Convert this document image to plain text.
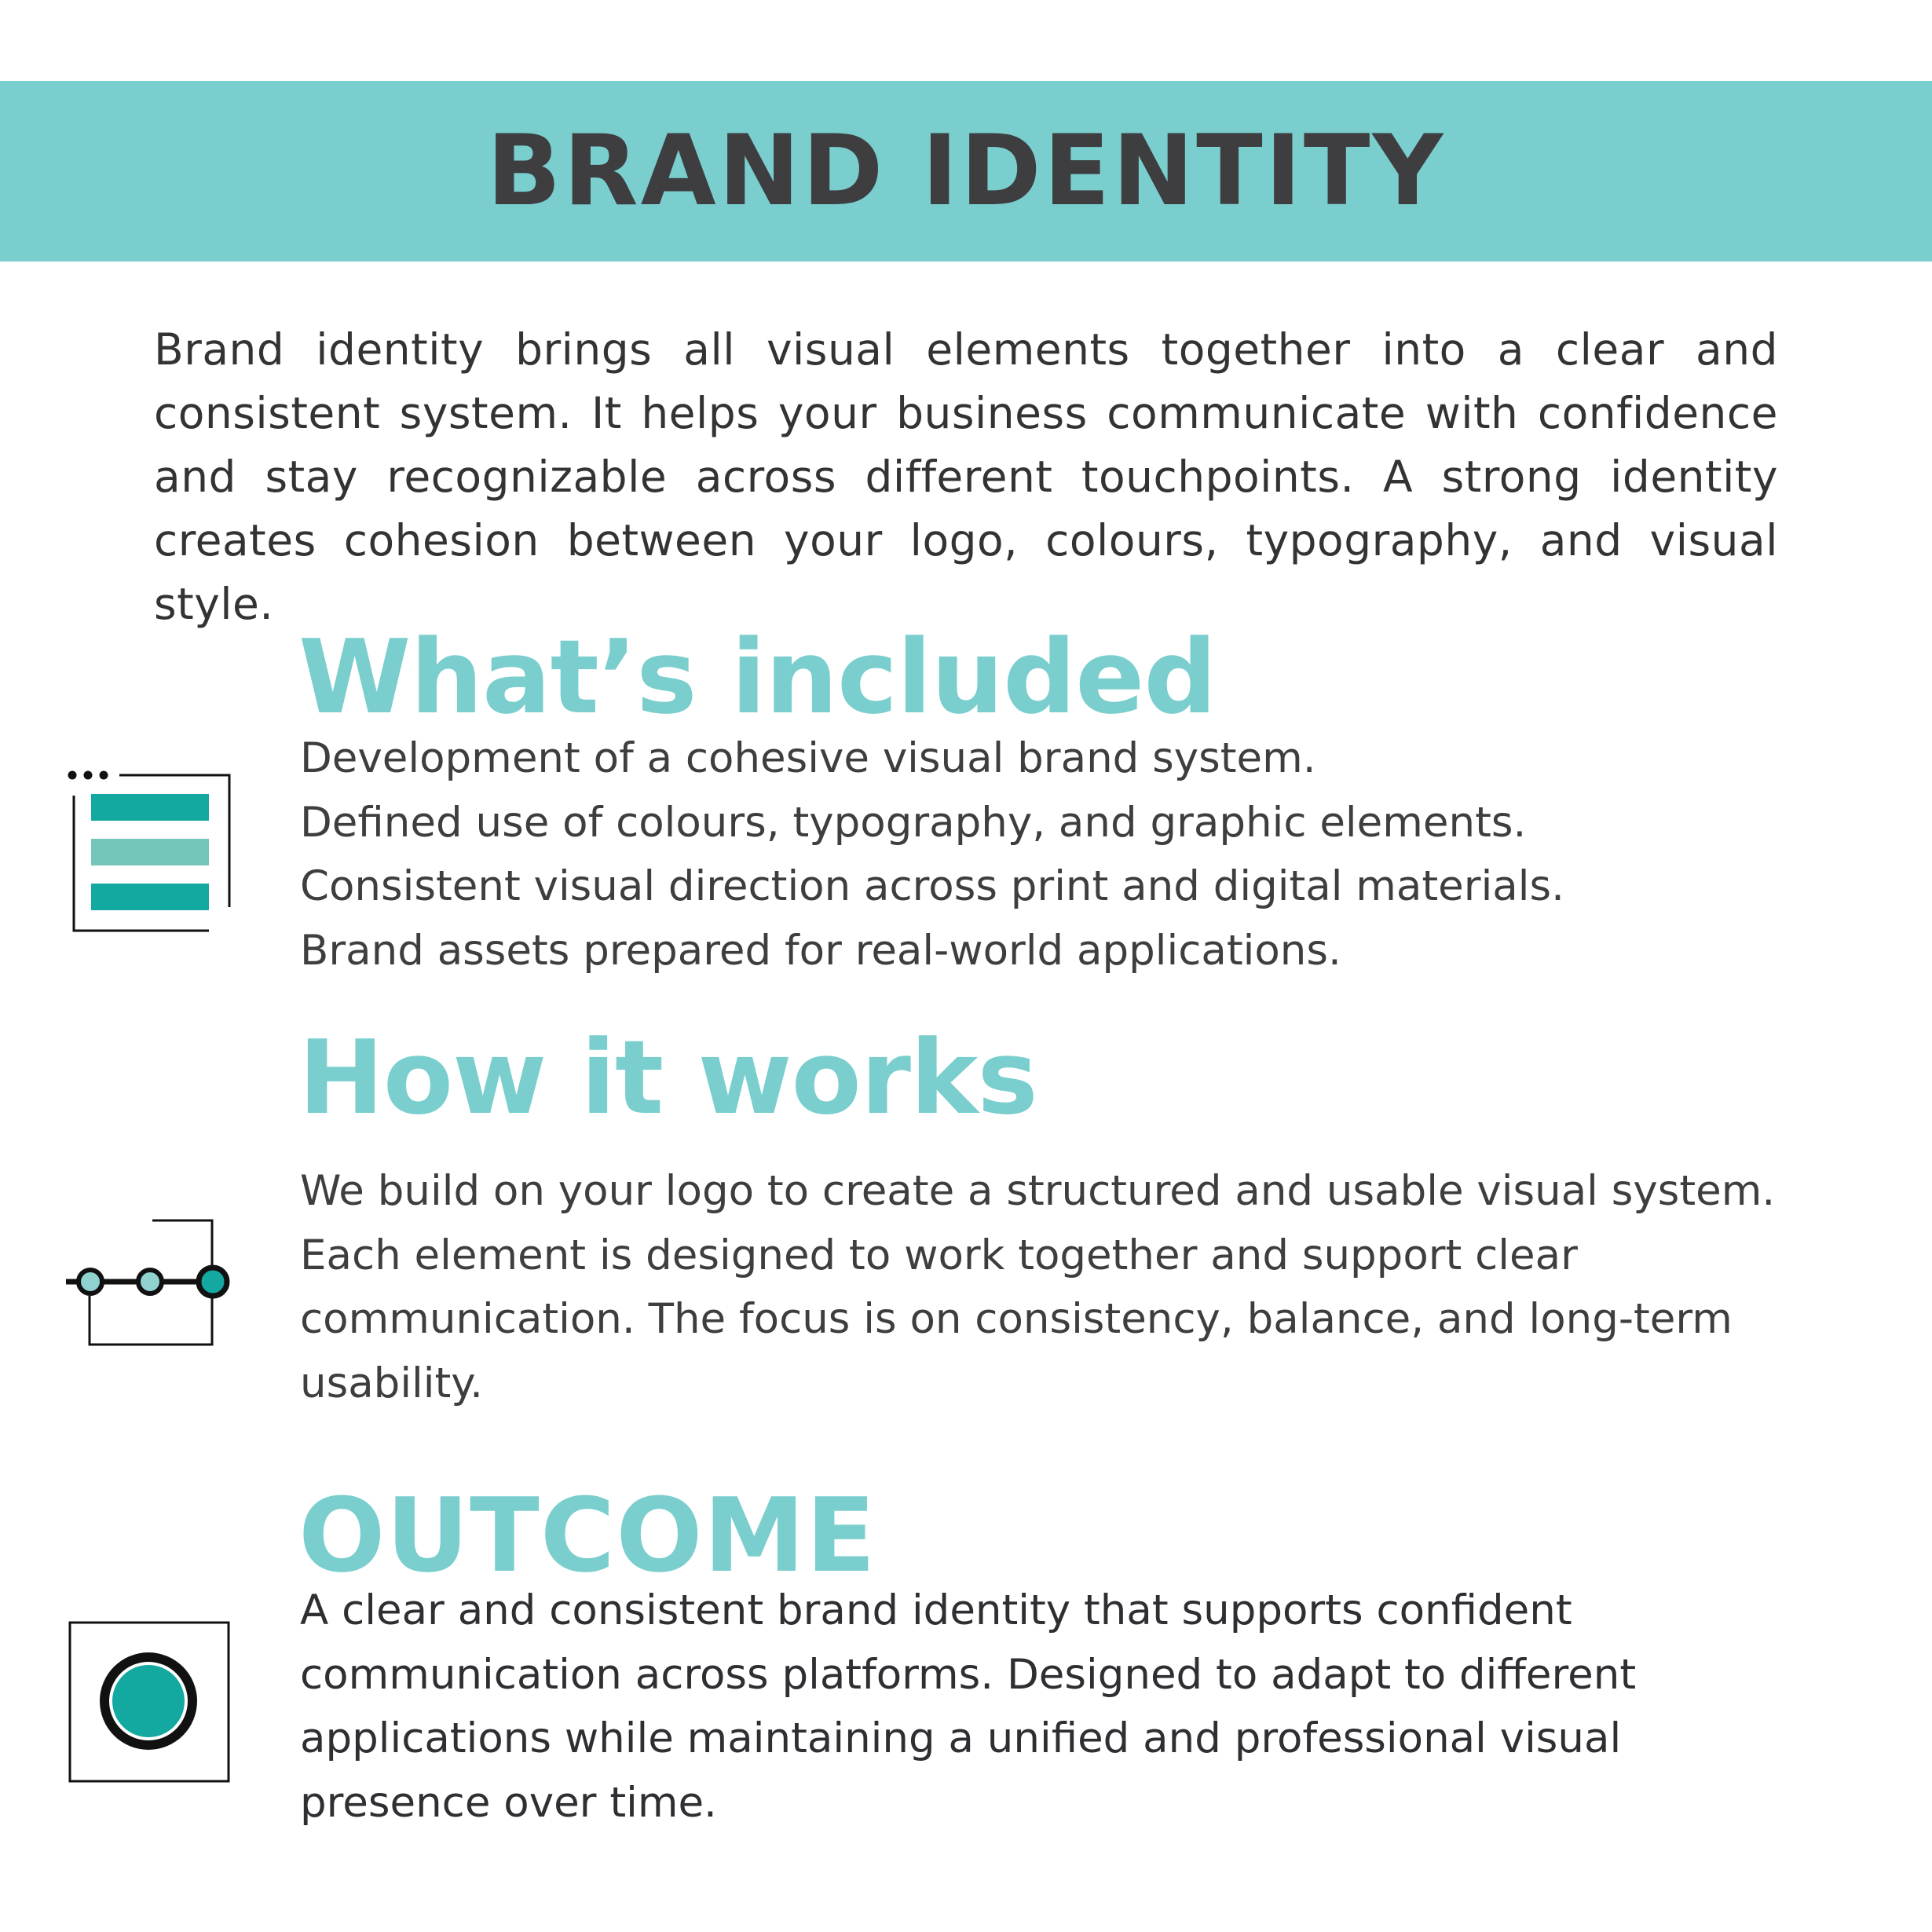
BRAND IDENTITY

Brand identity brings all visual elements together into a clear and consistent system. It helps your business communicate with confidence and stay recognizable across different touchpoints. A strong identity creates cohesion between your logo, colours, typography, and visual style.

What’s included
Development of a cohesive visual brand system.
Defined use of colours, typography, and graphic elements.
Consistent visual direction across print and digital materials.
Brand assets prepared for real-world applications.
How it works

We build on your logo to create a structured and usable visual system. Each element is designed to work together and support clear communication. The focus is on consistency, balance, and long-term usability.

OUTCOME

A clear and consistent brand identity that supports confident communication across platforms. Designed to adapt to different applications while maintaining a unified and professional visual presence over time.
